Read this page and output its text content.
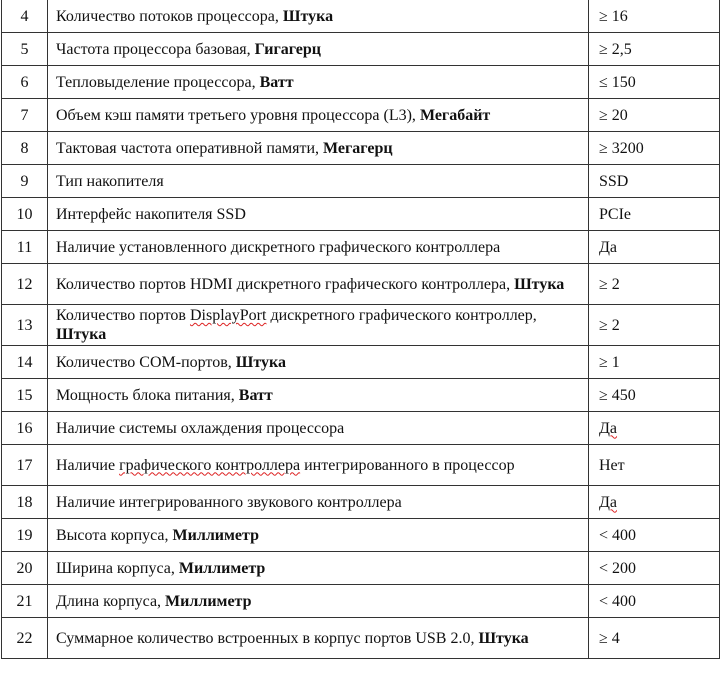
4	Количество потоков процессора, Штука	≥ 16
5	Частота процессора базовая, Гигагерц	≥ 2,5
6	Тепловыделение процессора, Ватт	≤ 150
7	Объем кэш памяти третьего уровня процессора (L3), Мегабайт	≥ 20
8	Тактовая частота оперативной памяти, Мегагерц	≥ 3200
9	Тип накопителя	SSD
10	Интерфейс накопителя SSD	PCIe
11	Наличие установленного дискретного графического контроллера	Да
12	Количество портов HDMI дискретного графического контроллера, Штука	≥ 2
13	Количество портов DisplayPort дискретного графического контроллер, Штука	≥ 2
14	Количество COM-портов, Штука	≥ 1
15	Мощность блока питания, Ватт	≥ 450
16	Наличие системы охлаждения процессора	Да
17	Наличие графического контроллера интегрированного в процессор	Нет
18	Наличие интегрированного звукового контроллера	Да
19	Высота корпуса, Миллиметр	< 400
20	Ширина корпуса, Миллиметр	< 200
21	Длина корпуса, Миллиметр	< 400
22	Суммарное количество встроенных в корпус портов USB 2.0, Штука	≥ 4
